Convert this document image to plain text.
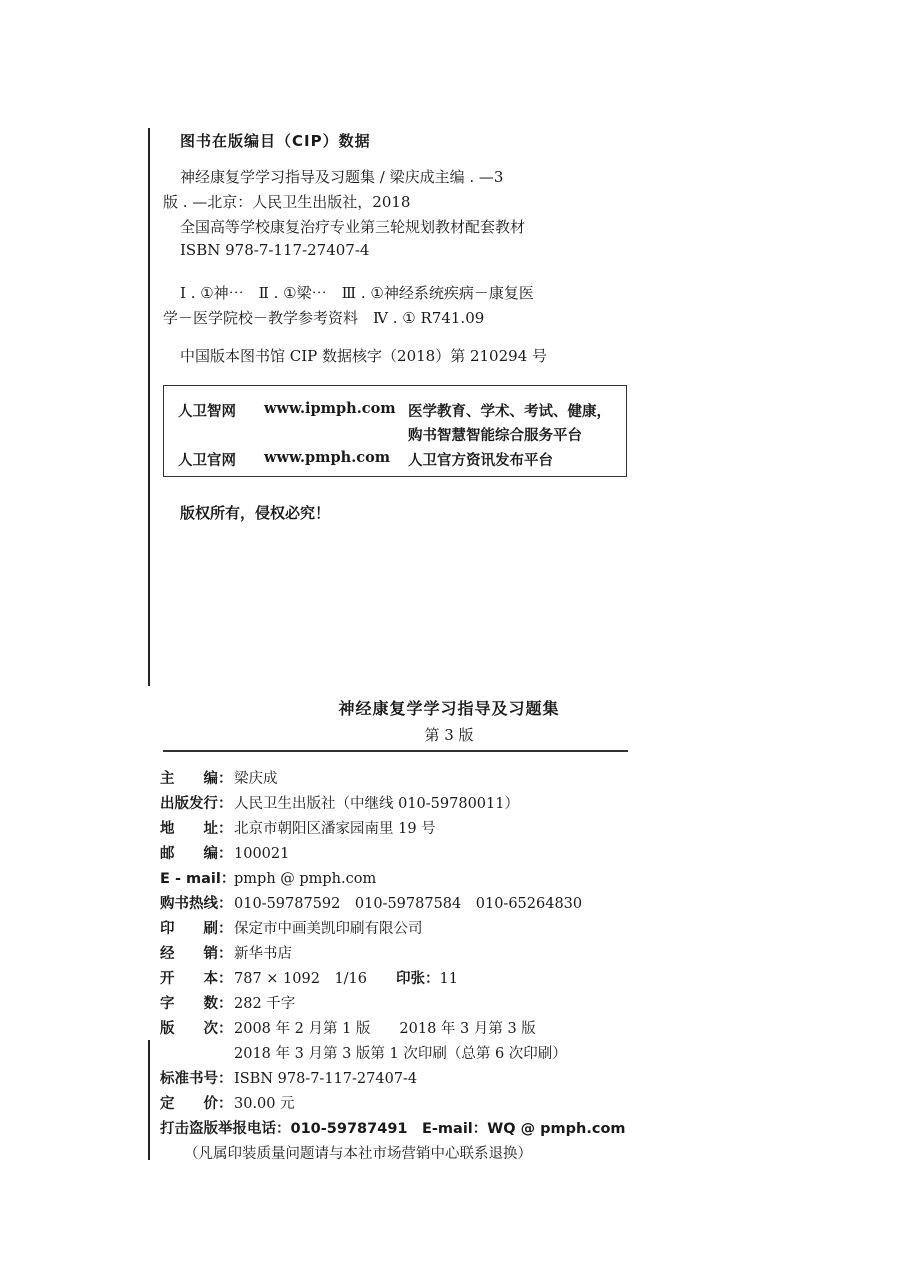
图书在版编目（CIP）数据
神经康复学学习指导及习题集 / 梁庆成主编 . —3
版 . —北京：人民卫生出版社，2018
全国高等学校康复治疗专业第三轮规划教材配套教材
ISBN 978-7-117-27407-4
Ⅰ . ①神⋯　Ⅱ . ①梁⋯　Ⅲ . ①神经系统疾病－康复医
学－医学院校－教学参考资料　Ⅳ . ① R741.09
中国版本图书馆 CIP 数据核字（2018）第 210294 号
人卫智网 www.ipmph.com 医学教育、学术、考试、健康，
购书智慧智能综合服务平台
人卫官网 www.pmph.com 人卫官方资讯发布平台
版权所有，侵权必究！
神经康复学学习指导及习题集
第 3 版
主　　编： 梁庆成
出版发行： 人民卫生出版社（中继线 010-59780011）
地　　址： 北京市朝阳区潘家园南里 19 号
邮　　编： 100021
E - mail：pmph @ pmph.com
购书热线： 010-59787592　010-59787584　010-65264830
印　　刷： 保定市中画美凯印刷有限公司
经　　销： 新华书店
开　　本： 787 × 1092　1/16　　印张：11
字　　数： 282 千字
版　　次： 2008 年 2 月第 1 版　　2018 年 3 月第 3 版
2018 年 3 月第 3 版第 1 次印刷（总第 6 次印刷）
标准书号： ISBN 978-7-117-27407-4
定　　价： 30.00 元
打击盗版举报电话：010-59787491　E-mail：WQ @ pmph.com
（凡属印装质量问题请与本社市场营销中心联系退换）
